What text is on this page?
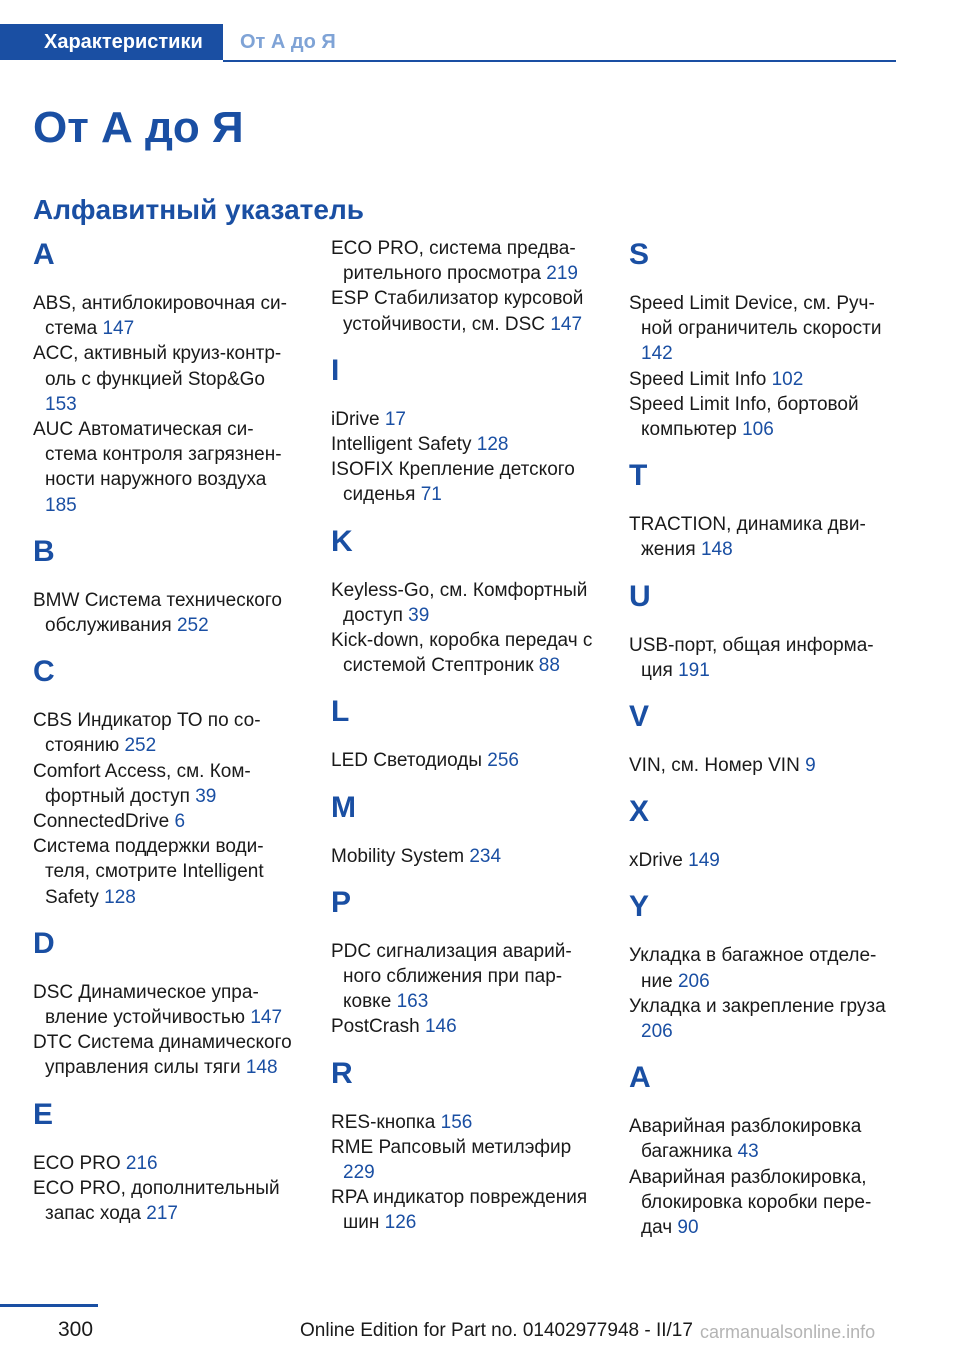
Характеристики	От А до Я
От А до Я
Алфавитный указатель
A
ABS, антиблокировочная система 147
ACC, активный круиз-контроль с функцией Stop&Go 153
AUC Автоматическая система контроля загрязненности наружного воздуха 185
B
BMW Система технического обслуживания 252
C
CBS Индикатор ТО по состоянию 252
Comfort Access, см. Комфортный доступ 39
ConnectedDrive 6
Система поддержки водителя, смотрите Intelligent Safety 128
D
DSC Динамическое управление устойчивостью 147
DTC Система динамического управления силы тяги 148
E
ECO PRO 216
ECO PRO, дополнительный запас хода 217
ECO PRO, система предварительного просмотра 219
ESP Стабилизатор курсовой устойчивости, см. DSC 147
I
iDrive 17
Intelligent Safety 128
ISOFIX Крепление детского сиденья 71
K
Keyless-Go, см. Комфортный доступ 39
Kick-down, коробка передач с системой Стептроник 88
L
LED Светодиоды 256
M
Mobility System 234
P
PDC сигнализация аварийного сближения при парковке 163
PostCrash 146
R
RES-кнопка 156
RME Рапсовый метилэфир 229
RPA индикатор повреждения шин 126
S
Speed Limit Device, см. Ручной ограничитель скорости 142
Speed Limit Info 102
Speed Limit Info, бортовой компьютер 106
T
TRACTION, динамика движения 148
U
USB-порт, общая информация 191
V
VIN, см. Номер VIN 9
X
xDrive 149
Y
Укладка в багажное отделение 206
Укладка и закрепление груза 206
А
Аварийная разблокировка багажника 43
Аварийная разблокировка, блокировка коробки передач 90
300	Online Edition for Part no. 01402977948 - II/17 carmanualsonline.info
